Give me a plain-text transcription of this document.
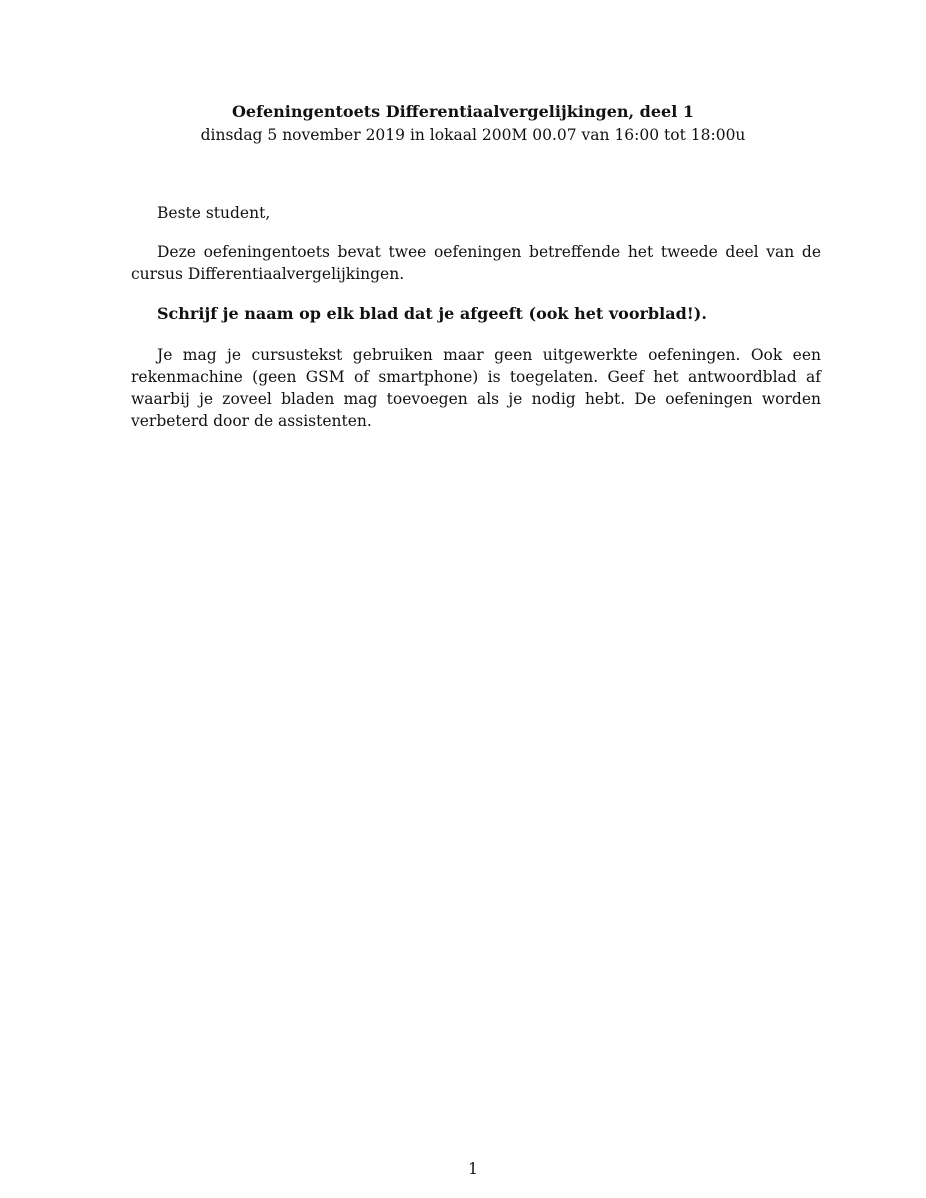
Oefeningentoets Differentiaalvergelijkingen, deel 1
dinsdag 5 november 2019 in lokaal 200M 00.07 van 16:00 tot 18:00u
Beste student,
Deze oefeningentoets bevat twee oefeningen betreffende het tweede deel van de cursus Differentiaalvergelijkingen.
Schrijf je naam op elk blad dat je afgeeft (ook het voorblad!).
Je mag je cursustekst gebruiken maar geen uitgewerkte oefeningen. Ook een rekenmachine (geen GSM of smartphone) is toegelaten. Geef het antwoordblad af waarbij je zoveel bladen mag toevoegen als je nodig hebt. De oefeningen worden verbeterd door de assistenten.
1
